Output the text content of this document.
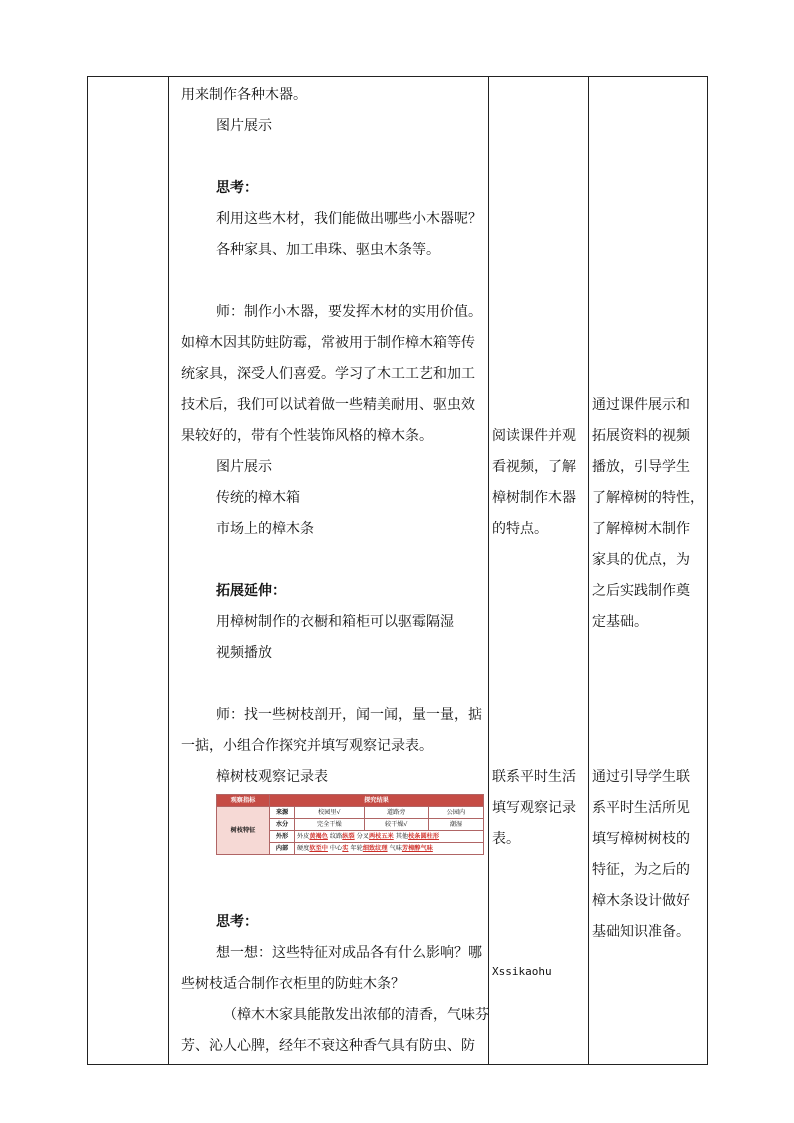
用来制作各种木器。

图片展示

思考：

利用这些木材，我们能做出哪些小木器呢？

各种家具、加工串珠、驱虫木条等。

师：制作小木器，要发挥木材的实用价值。

如樟木因其防蛀防霉，常被用于制作樟木箱等传

统家具，深受人们喜爱。学习了木工工艺和加工

技术后，我们可以试着做一些精美耐用、驱虫效

果较好的，带有个性装饰风格的樟木条。

图片展示

传统的樟木箱

市场上的樟木条

拓展延伸：

用樟树制作的衣橱和箱柜可以驱霉隔湿

视频播放

师：找一些树枝剖开，闻一闻，量一量，掂

一掂，小组合作探究并填写观察记录表。

樟树枝观察记录表

观察指标	探究结果			
树枝特征	来源	校园里√	道路旁	公园内
	水分	完全干燥	较干燥√	潮湿
	外形	外皮黄褐色 纹路纵裂 分叉两枝五米 其他枝条圆柱形		
	内部	硬度软至中 中心实 年轮细致纹理 气味芳樟醇气味		

思考：

想一想：这些特征对成品各有什么影响？哪

些树枝适合制作衣柜里的防蛀木条？

（樟木木家具能散发出浓郁的清香，气味芬

芳、沁人心脾，经年不衰这种香气具有防虫、防

阅读课件并观

看视频，了解

樟树制作木器

的特点。

联系平时生活

填写观察记录

表。

Xssikaohu

通过课件展示和

拓展资料的视频

播放，引导学生

了解樟树的特性，

了解樟树木制作

家具的优点，为

之后实践制作奠

定基础。

通过引导学生联

系平时生活所见

填写樟树树枝的

特征，为之后的

樟木条设计做好

基础知识准备。
